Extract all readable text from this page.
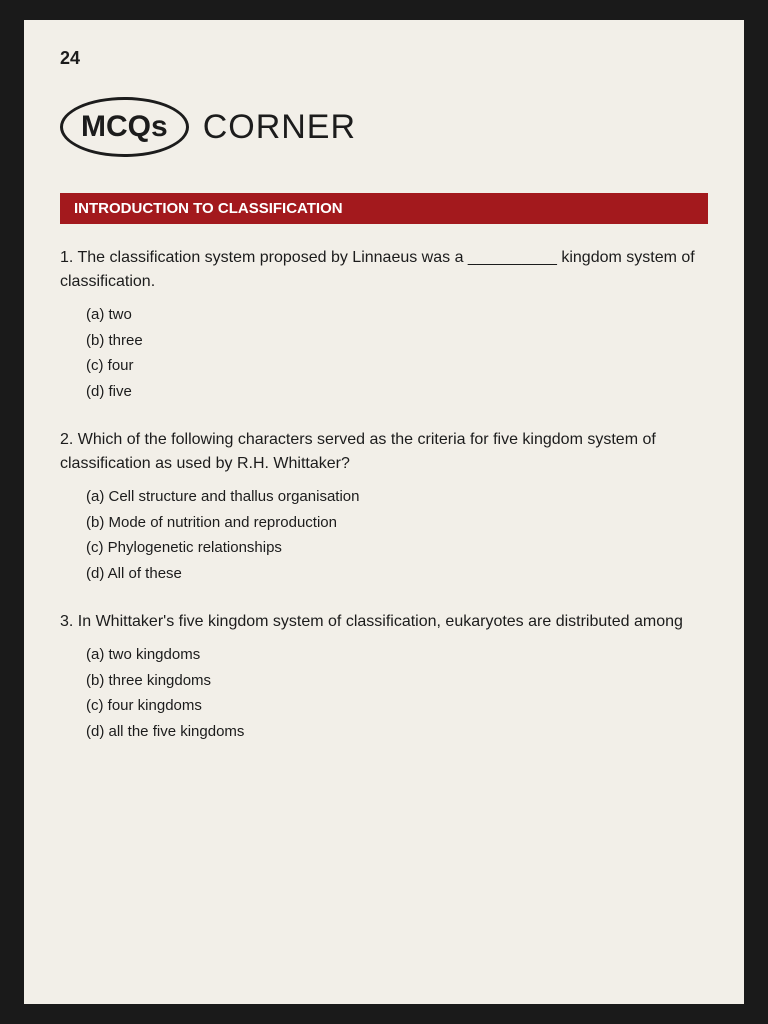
24
MCQs	CORNER
INTRODUCTION TO CLASSIFICATION

1. The classification system proposed by Linnaeus was a __________ kingdom system of classification.

(a) two
(b) three
(c) four
(d) five

2. Which of the following characters served as the criteria for five kingdom system of classification as used by R.H. Whittaker?

(a) Cell structure and thallus organisation
(b) Mode of nutrition and reproduction
(c) Phylogenetic relationships
(d) All of these

3. In Whittaker's five kingdom system of classification, eukaryotes are distributed among

(a) two kingdoms
(b) three kingdoms
(c) four kingdoms
(d) all the five kingdoms
